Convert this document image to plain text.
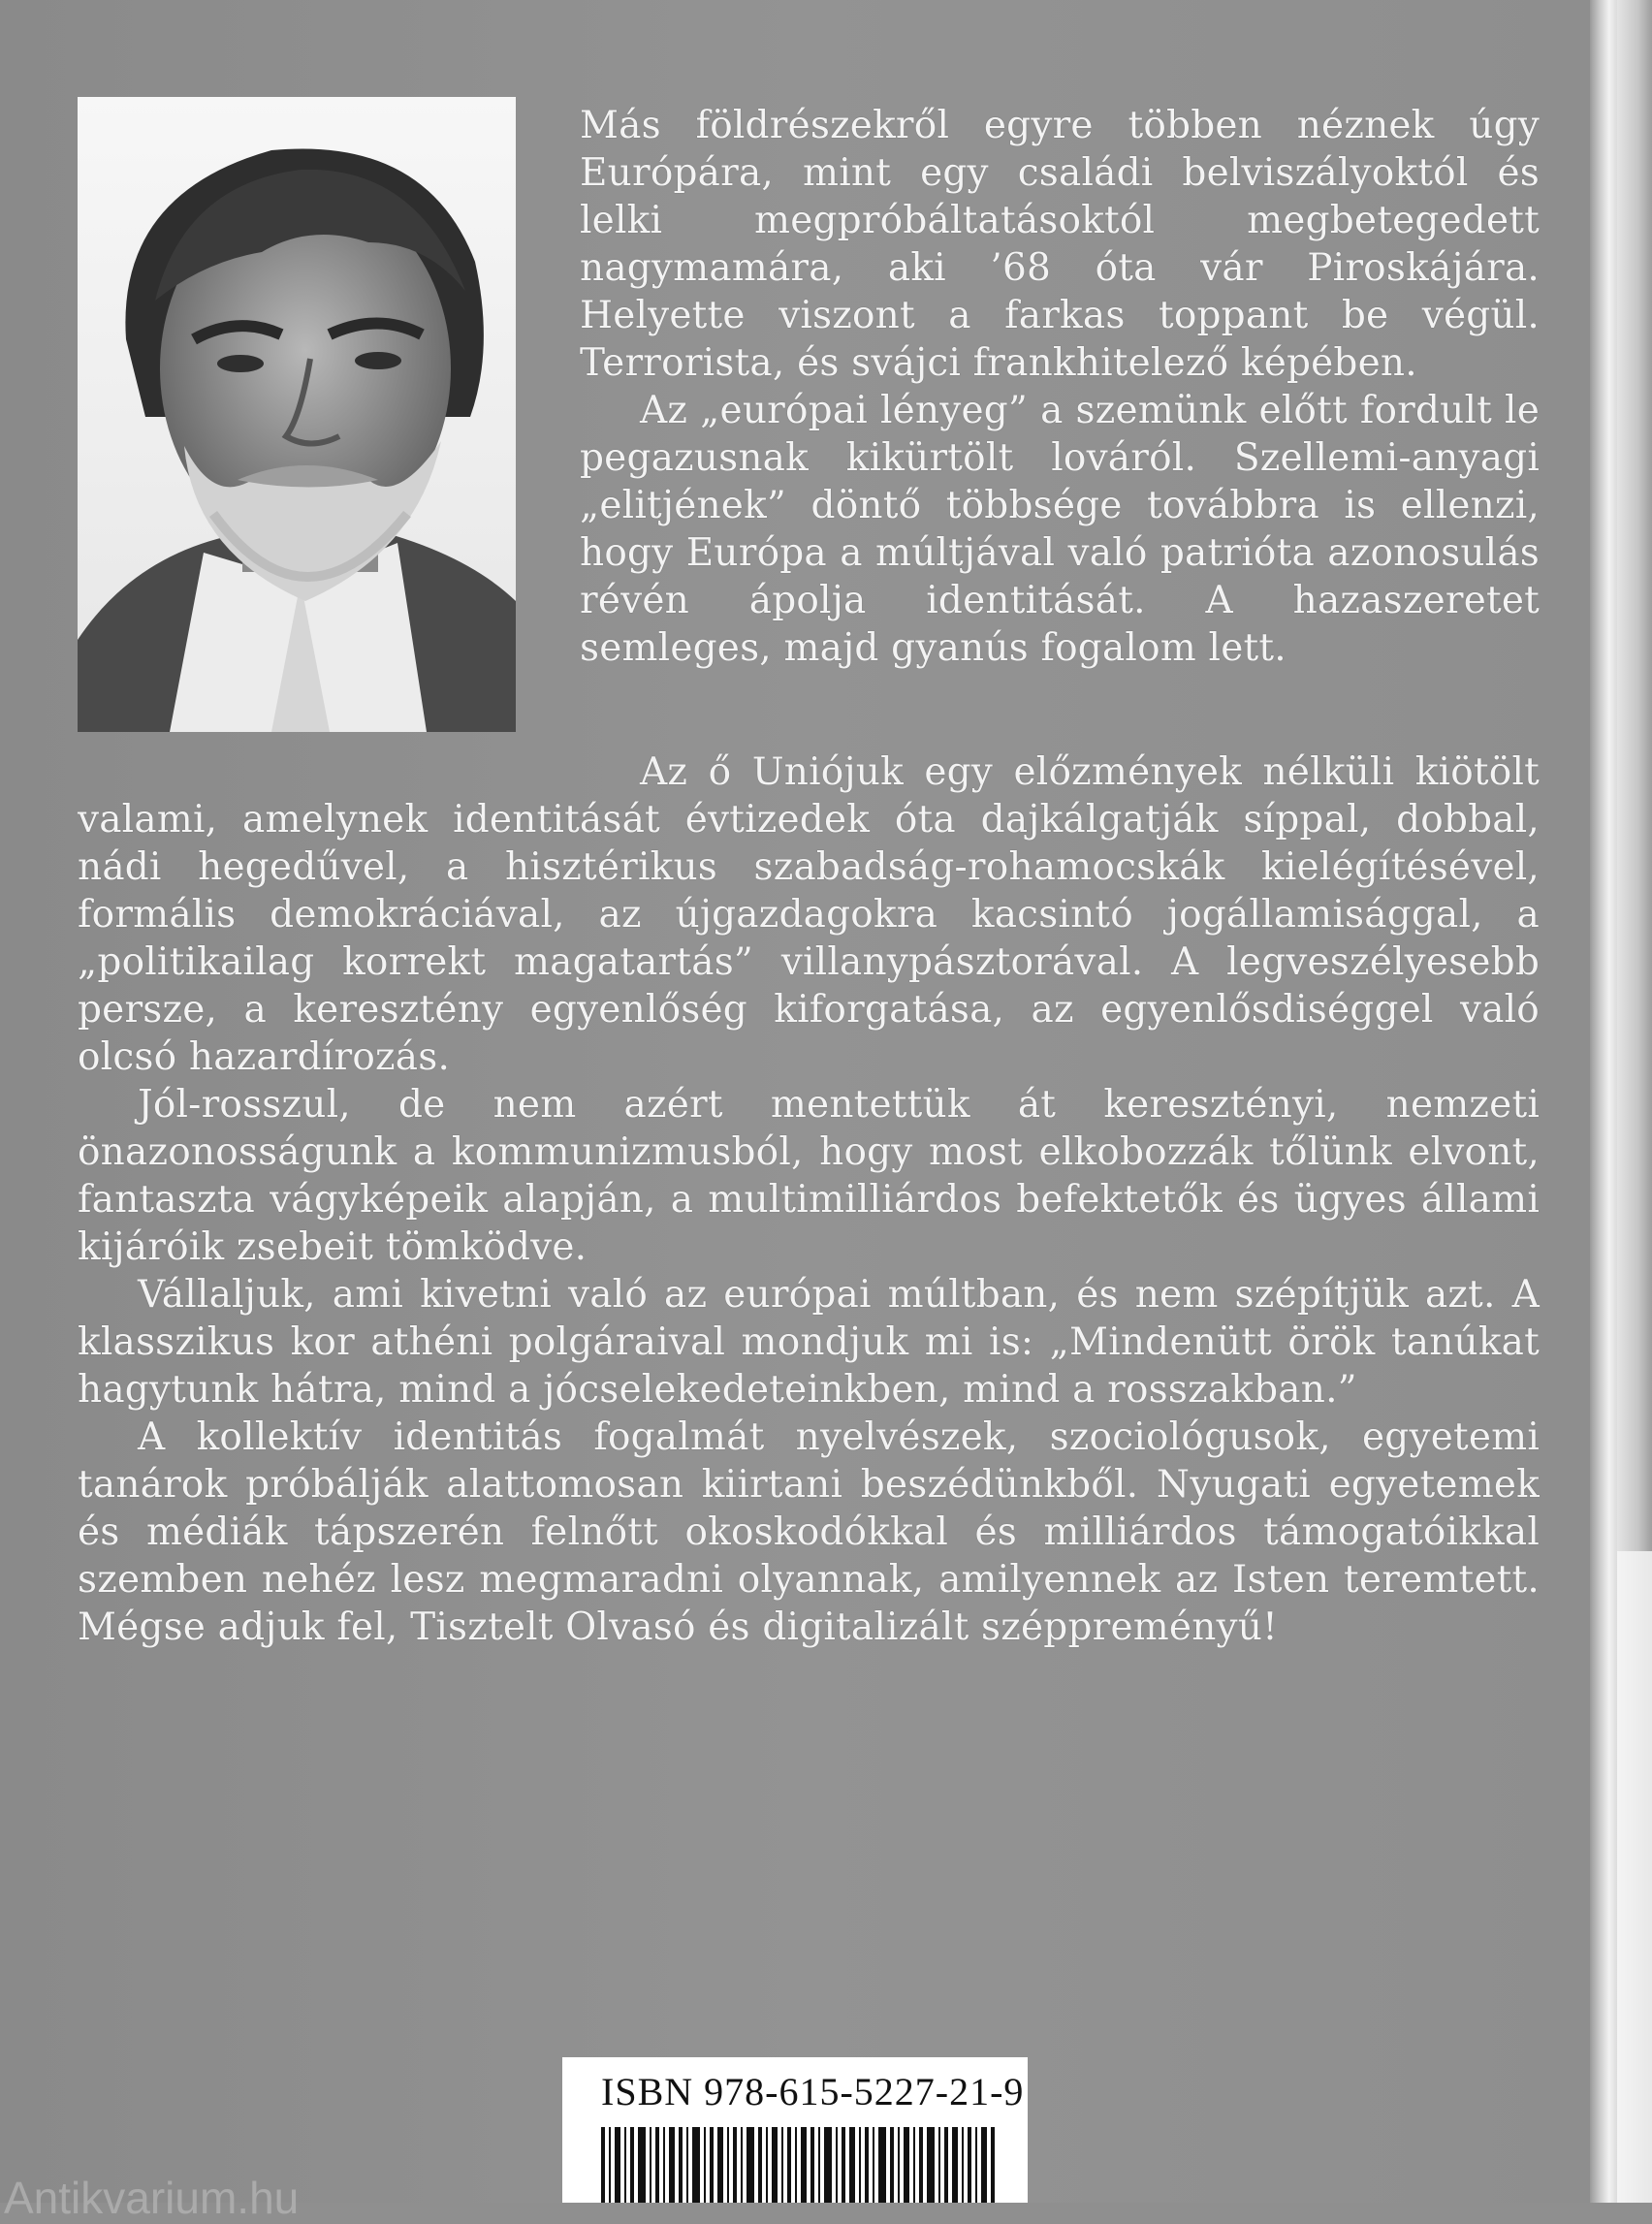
Más földrészekről egyre többen néznek úgy Európára, mint egy családi belviszályoktól és lelki megpróbáltatásoktól megbetegedett nagymamára, aki ’68 óta vár Piroskájára. Helyette viszont a farkas toppant be végül. Terrorista, és svájci frankhitelező képében.

Az „európai lényeg” a szemünk előtt fordult le pegazusnak kikürtölt lováról. Szellemi-anyagi „elitjének” döntő többsége továbbra is ellenzi, hogy Európa a múltjával való patrióta azonosulás révén ápolja identitását. A hazaszeretet semleges, majd gyanús fogalom lett.

Az ő Uniójuk egy előzmények nélküli kiötölt valami, amelynek identitását évtizedek óta dajkálgatják síppal, dobbal, nádi hegedűvel, a hisztérikus szabadság-rohamocskák kielégítésével, formális demokráciával, az újgazdagokra kacsintó jogállamisággal, a „politikailag korrekt magatartás” villanypásztorával. A legveszélyesebb persze, a keresztény egyenlőség kiforgatása, az egyenlősdiséggel való olcsó hazardírozás.

Jól-rosszul, de nem azért mentettük át keresztényi, nemzeti önazonosságunk a kommunizmusból, hogy most elkobozzák tőlünk elvont, fantaszta vágyképeik alapján, a multimilliárdos befektetők és ügyes állami kijáróik zsebeit tömködve.

Vállaljuk, ami kivetni való az európai múltban, és nem szépítjük azt. A klasszikus kor athéni polgáraival mondjuk mi is: „Mindenütt örök tanúkat hagytunk hátra, mind a jócselekedeteinkben, mind a rosszakban.”

A kollektív identitás fogalmát nyelvészek, szociológusok, egyetemi tanárok próbálják alattomosan kiirtani beszédünkből. Nyugati egyetemek és médiák tápszerén felnőtt okoskodókkal és milliárdos támogatóikkal szemben nehéz lesz megmaradni olyannak, amilyennek az Isten teremtett. Mégse adjuk fel, Tisztelt Olvasó és digitalizált széppreményű!

ISBN 978-615-5227-21-9
Antikvarium.hu
